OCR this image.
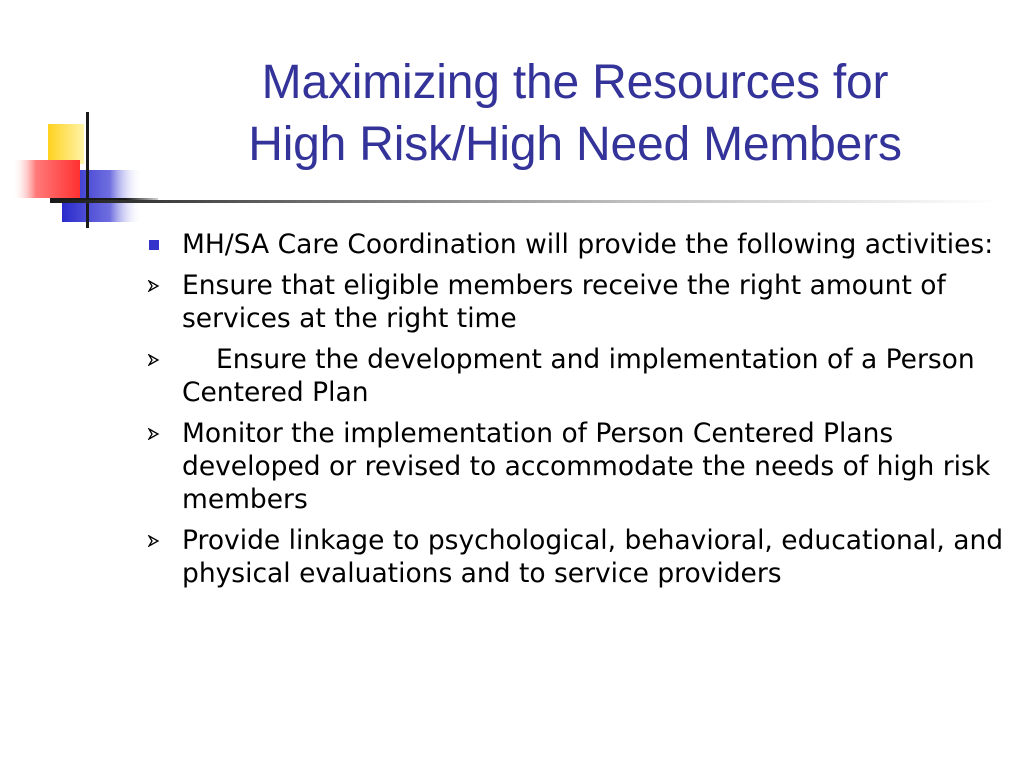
Maximizing the Resources for
High Risk/High Need Members
MH/SA Care Coordination will provide the following activities:
Ensure that eligible members receive the right amount of services at the right time
Ensure the development and implementation of a Person Centered Plan
Monitor the implementation of Person Centered Plans developed or revised to accommodate the needs of high risk members
Provide linkage to psychological, behavioral, educational, and physical evaluations and to service providers
